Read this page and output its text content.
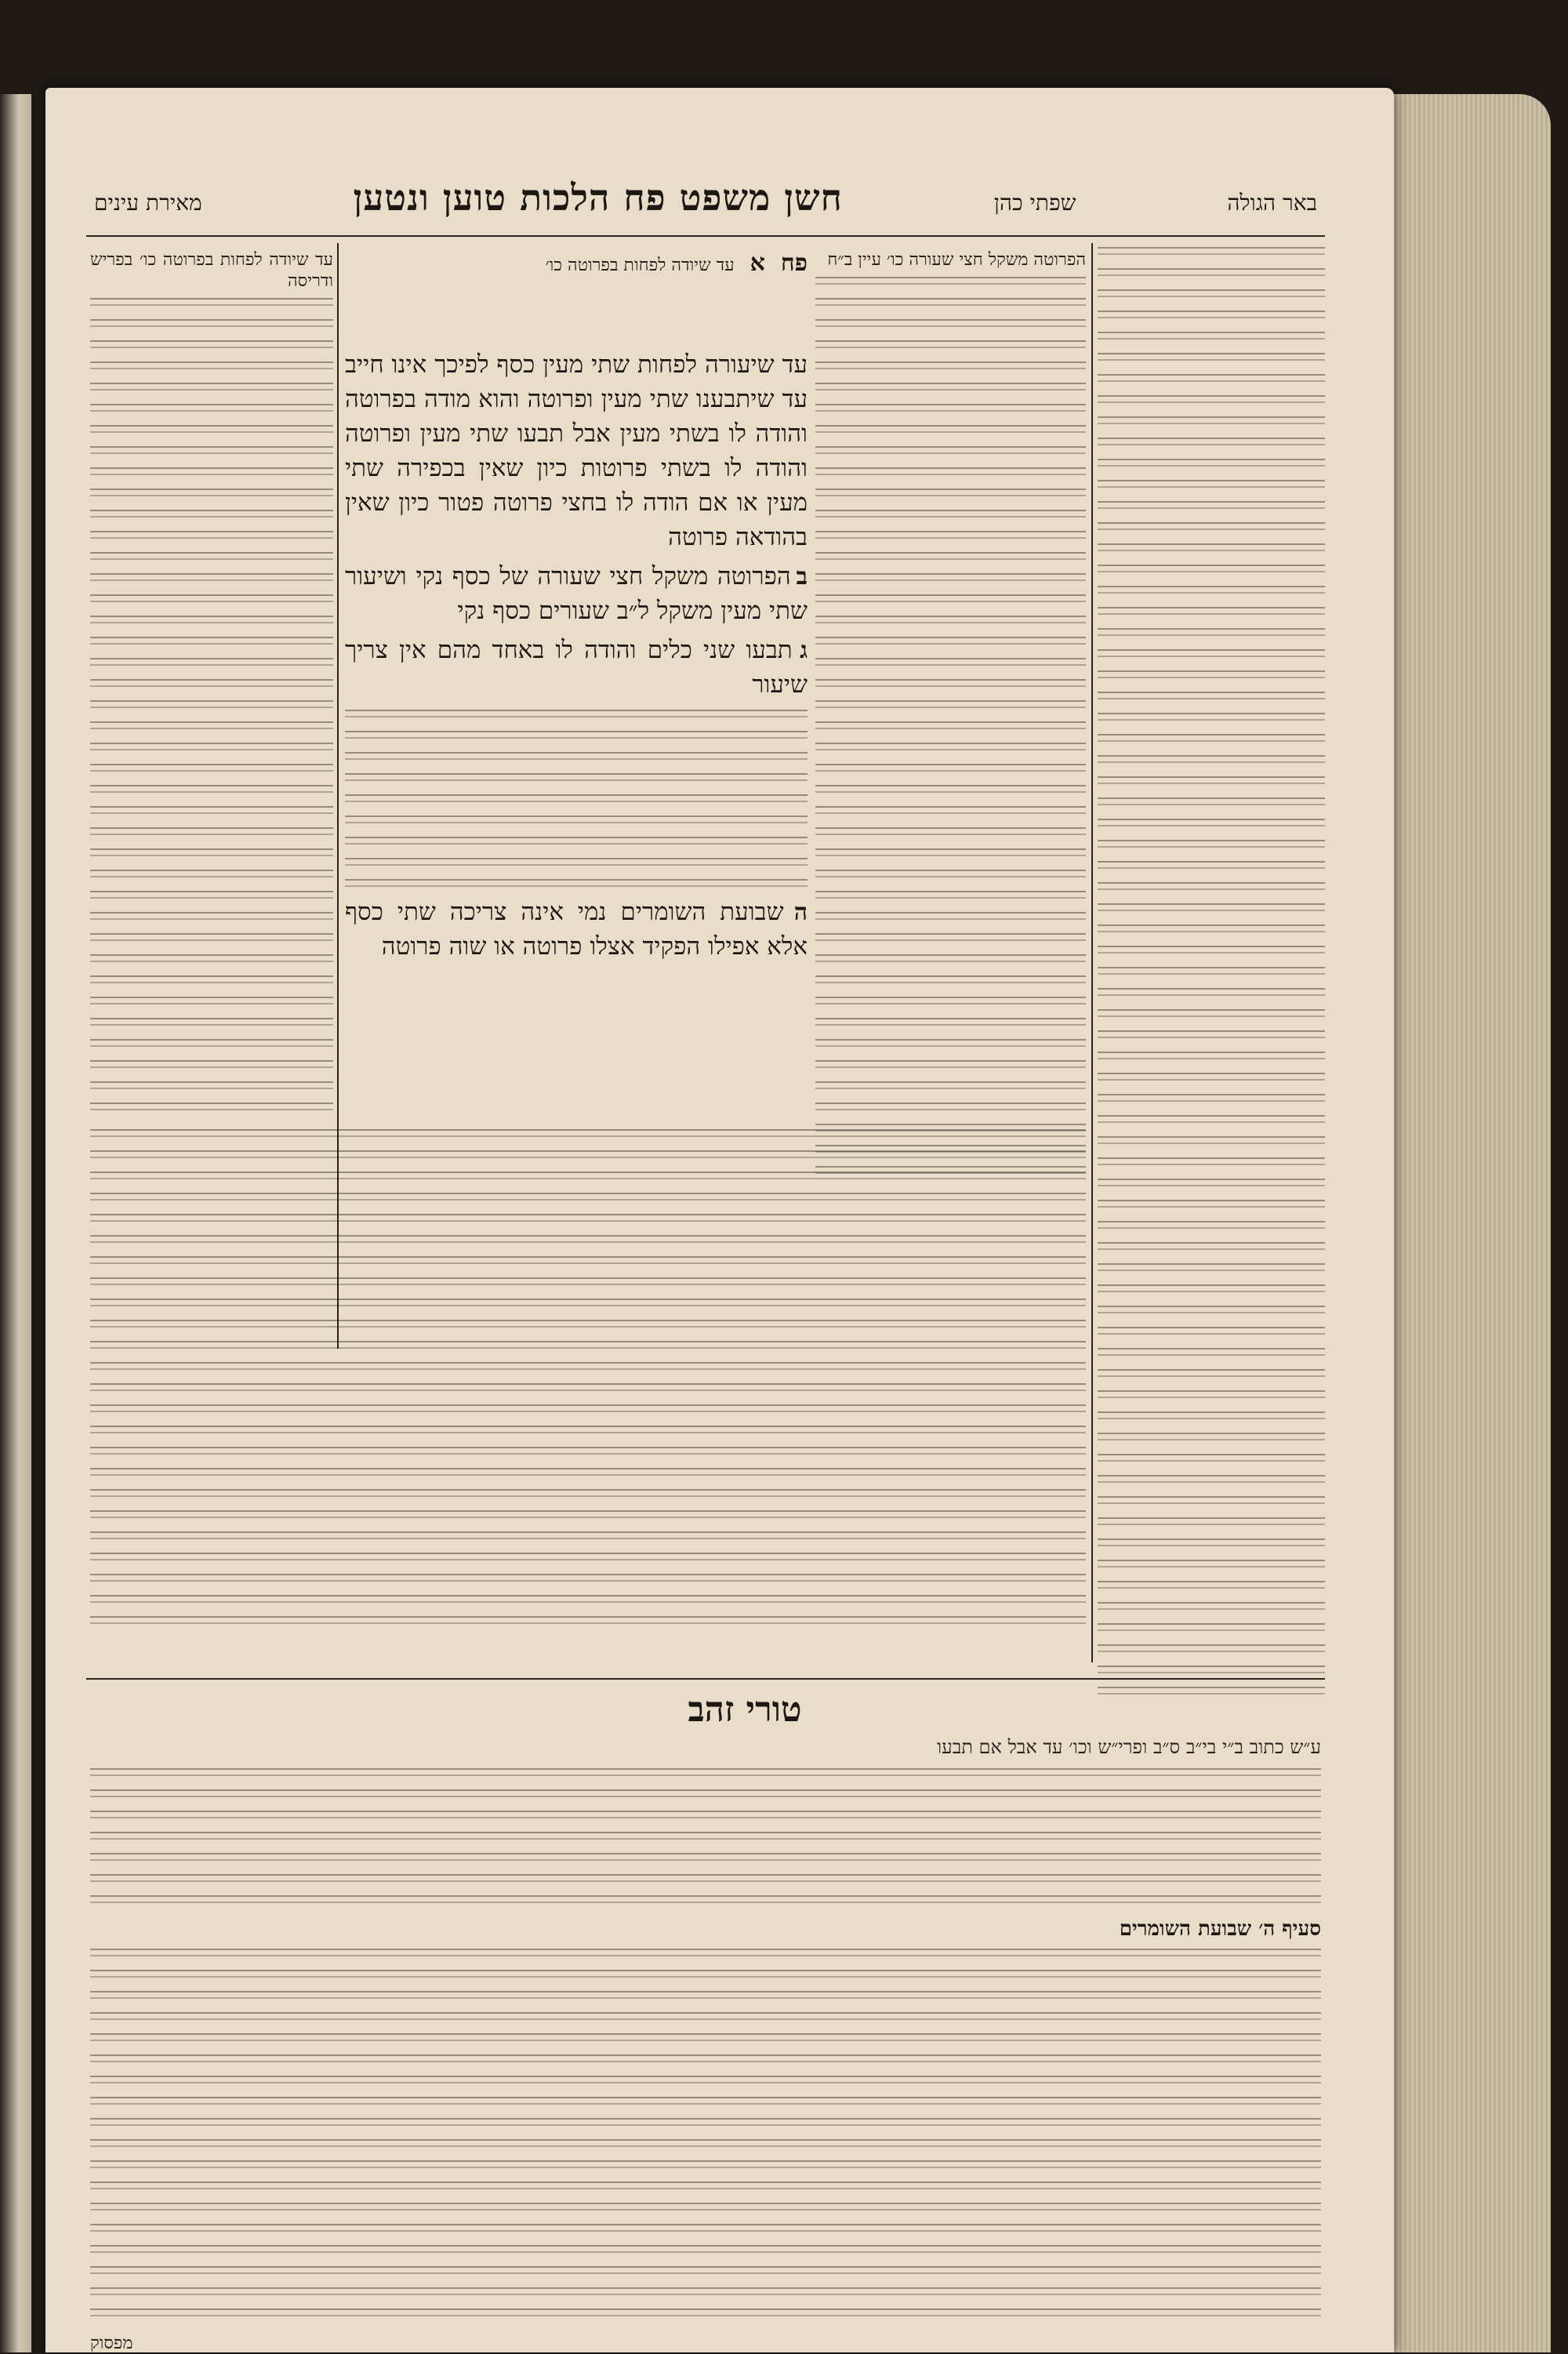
באר הגולה
שפתי כהן
חשן משפט פח הלכות טוען ונטען
מאירת עינים
הפרוטה משקל חצי שעורה כו׳ עיין ב״ח
פח
א
עד שיודה לפחות בפרוטה כו׳
עד שיעורה לפחות שתי מעין כסף לפיכך אינו חייב עד שיתבענו שתי מעין ופרוטה והוא מודה בפרוטה והודה לו בשתי מעין אבל תבעו שתי מעין ופרוטה והודה לו בשתי פרוטות כיון שאין בכפירה שתי מעין או אם הודה לו בחצי פרוטה פטור כיון שאין בהודאה פרוטה
ב הפרוטה משקל חצי שעורה של כסף נקי ושיעור שתי מעין משקל ל״ב שעורים כסף נקי
ג תבעו שני כלים והודה לו באחד מהם אין צריך שיעור
ה שבועת השומרים נמי אינה צריכה שתי כסף אלא אפילו הפקיד אצלו פרוטה או שוה פרוטה
עד שיודה לפחות בפרוטה כו׳ בפריש ודריסה
טורי זהב
ע״ש כתוב ב״י בי״ב ס״ב ופרי״ש וכו׳ עד אבל אם תבעו
סעיף ה׳ שבועת השומרים
מפסוק
